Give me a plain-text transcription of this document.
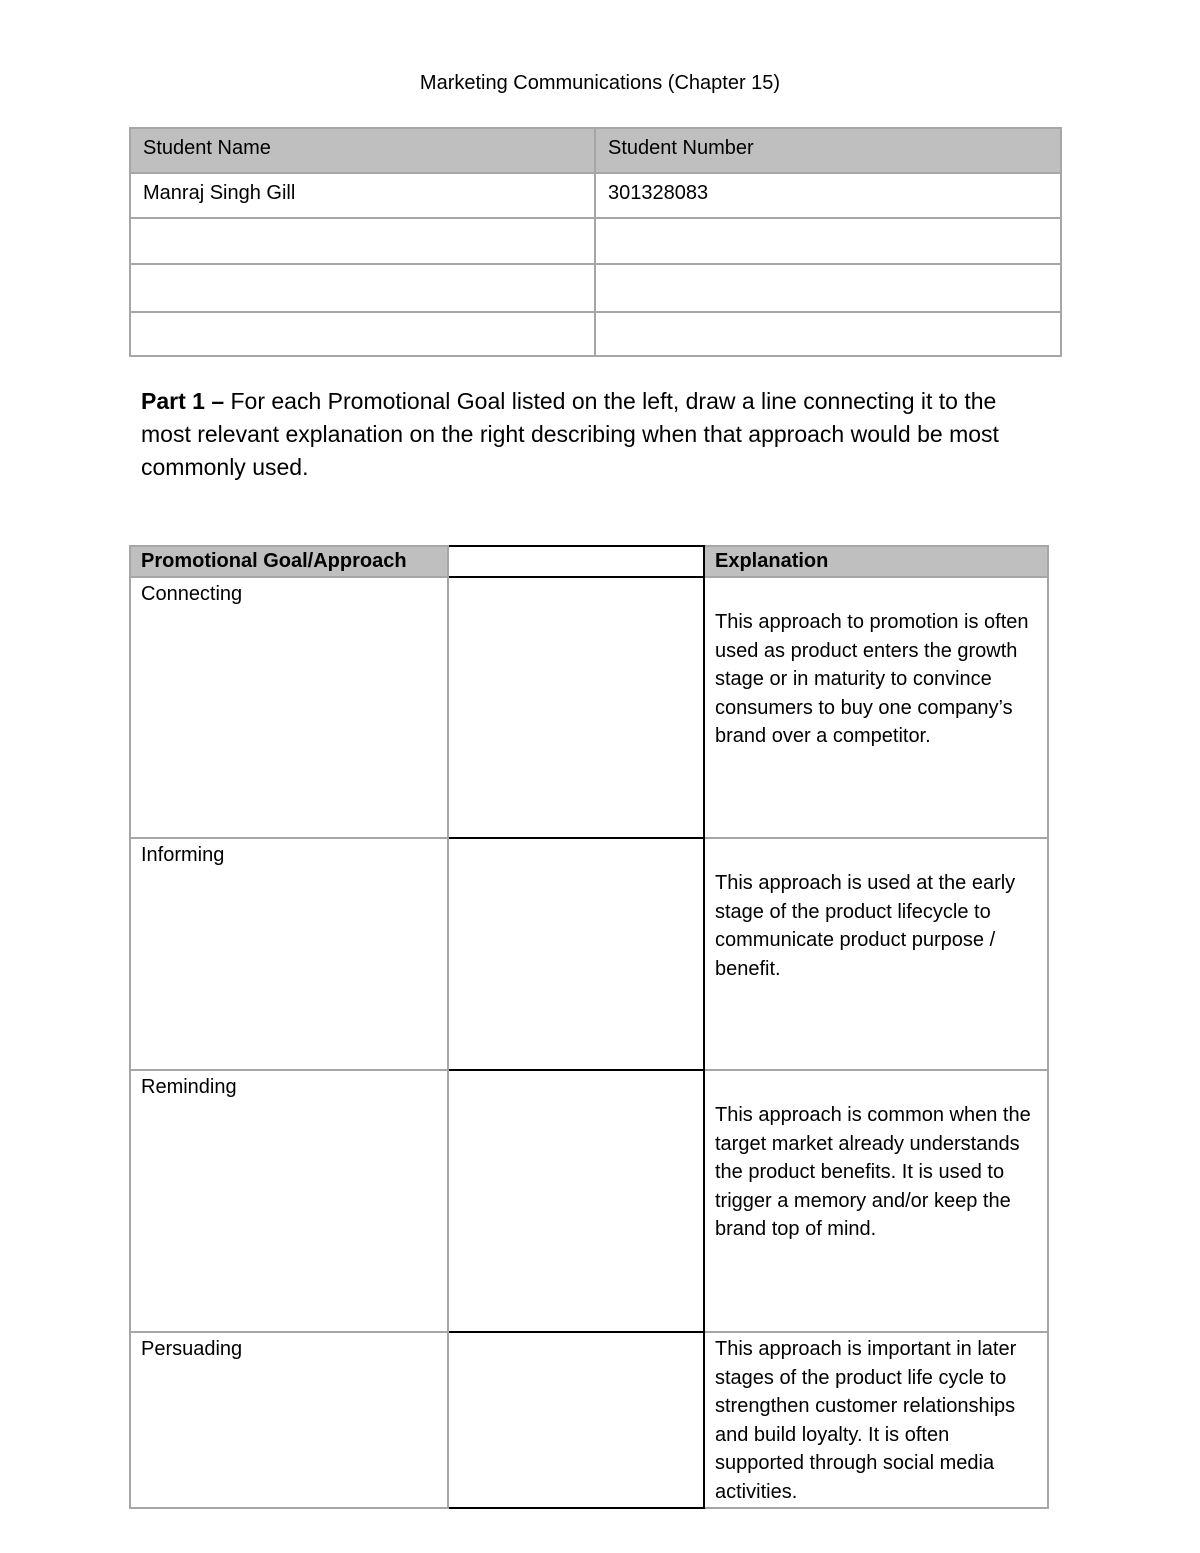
Marketing Communications (Chapter 15)
Student Name	Student Number
Manraj Singh Gill	301328083

Part 1 – For each Promotional Goal listed on the left, draw a line connecting it to the most relevant explanation on the right describing when that approach would be most commonly used.
Promotional Goal/Approach		Explanation
Connecting		This approach to promotion is often used as product enters the growth stage or in maturity to convince consumers to buy one company’s brand over a competitor.
Informing		This approach is used at the early stage of the product lifecycle to communicate product purpose / benefit.
Reminding		This approach is common when the target market already understands the product benefits. It is used to trigger a memory and/or keep the brand top of mind.
Persuading		This approach is important in later stages of the product life cycle to strengthen customer relationships and build loyalty. It is often supported through social media activities.
